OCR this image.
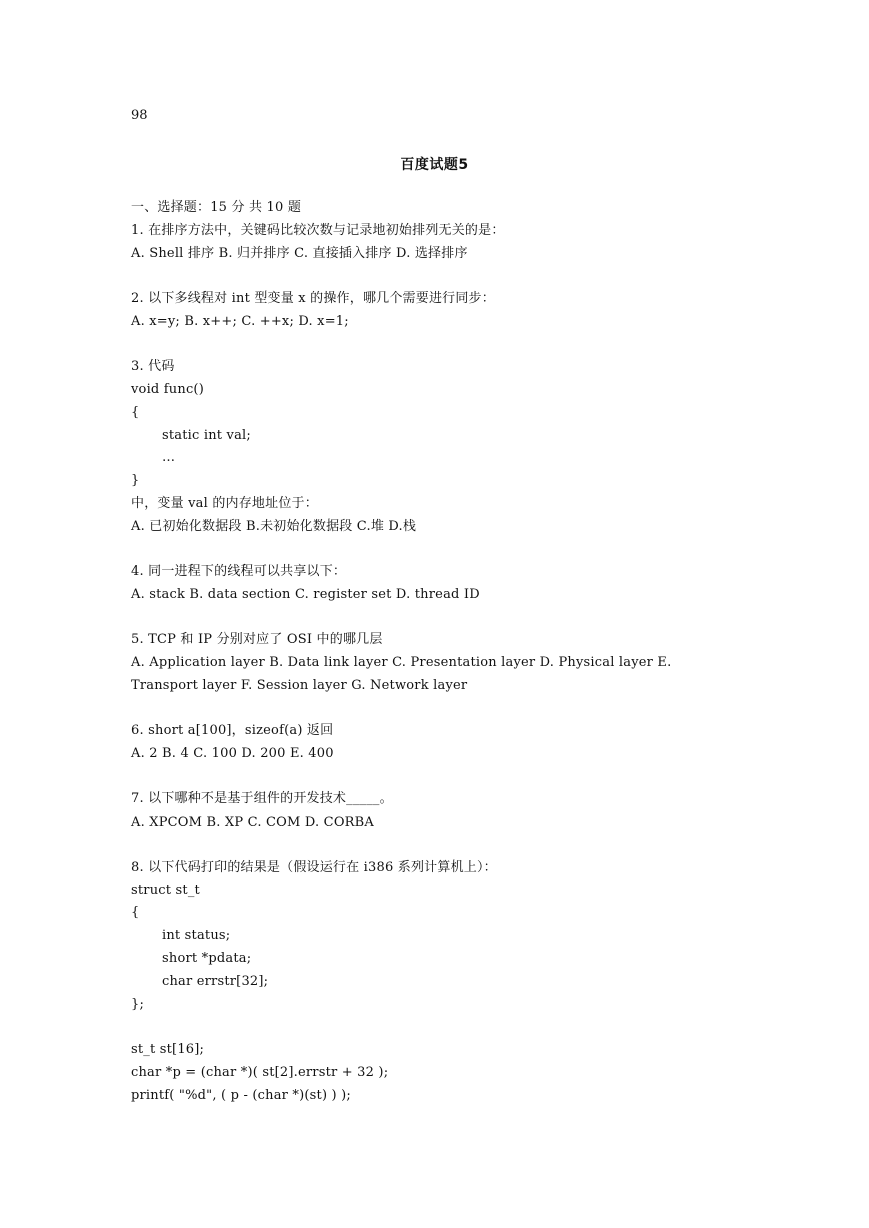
98
百度试题5
一、选择题：15 分 共 10 题
1. 在排序方法中，关键码比较次数与记录地初始排列无关的是：
A. Shell 排序 B. 归并排序 C. 直接插入排序 D. 选择排序
2. 以下多线程对 int 型变量 x 的操作，哪几个需要进行同步：
A. x=y; B. x++; C. ++x; D. x=1;
3. 代码
void func()
{
static int val;
…
}
中，变量 val 的内存地址位于：
A. 已初始化数据段 B.未初始化数据段 C.堆 D.栈
4. 同一进程下的线程可以共享以下：
A. stack B. data section C. register set D. thread ID
5. TCP 和 IP 分别对应了 OSI 中的哪几层
A. Application layer B. Data link layer C. Presentation layer D. Physical layer E.
Transport layer F. Session layer G. Network layer
6. short a[100]，sizeof(a) 返回
A. 2 B. 4 C. 100 D. 200 E. 400
7. 以下哪种不是基于组件的开发技术_____。
A. XPCOM B. XP C. COM D. CORBA
8. 以下代码打印的结果是（假设运行在 i386 系列计算机上）：
struct st_t
{
int status;
short *pdata;
char errstr[32];
};
st_t st[16];
char *p = (char *)( st[2].errstr + 32 );
printf( "%d", ( p - (char *)(st) ) );
